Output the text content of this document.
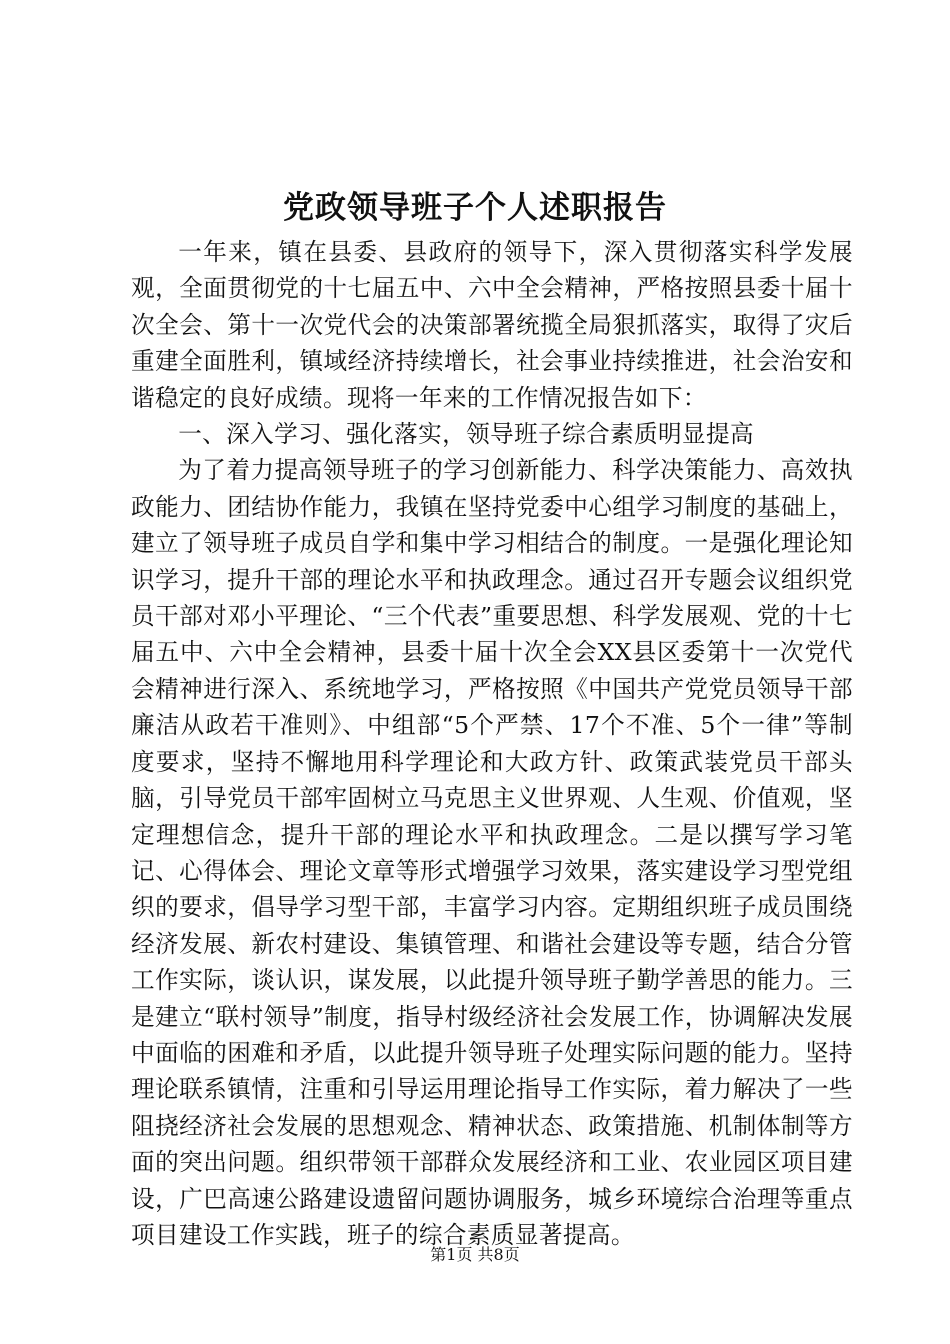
党政领导班子个人述职报告

一年来，镇在县委、县政府的领导下，深入贯彻落实科学发展观，全面贯彻党的十七届五中、六中全会精神，严格按照县委十届十次全会、第十一次党代会的决策部署统揽全局狠抓落实，取得了灾后重建全面胜利，镇域经济持续增长，社会事业持续推进，社会治安和谐稳定的良好成绩。现将一年来的工作情况报告如下：

一、深入学习、强化落实，领导班子综合素质明显提高

为了着力提高领导班子的学习创新能力、科学决策能力、高效执政能力、团结协作能力，我镇在坚持党委中心组学习制度的基础上，建立了领导班子成员自学和集中学习相结合的制度。一是强化理论知识学习，提升干部的理论水平和执政理念。通过召开专题会议组织党员干部对邓小平理论、“三个代表”重要思想、科学发展观、党的十七届五中、六中全会精神，县委十届十次全会XX县区委第十一次党代会精神进行深入、系统地学习，严格按照《中国共产党党员领导干部廉洁从政若干准则》、中组部“5个严禁、17个不准、5个一律”等制度要求，坚持不懈地用科学理论和大政方针、政策武装党员干部头脑，引导党员干部牢固树立马克思主义世界观、人生观、价值观，坚定理想信念，提升干部的理论水平和执政理念。二是以撰写学习笔记、心得体会、理论文章等形式增强学习效果，落实建设学习型党组织的要求，倡导学习型干部，丰富学习内容。定期组织班子成员围绕经济发展、新农村建设、集镇管理、和谐社会建设等专题，结合分管工作实际，谈认识，谋发展，以此提升领导班子勤学善思的能力。三是建立“联村领导”制度，指导村级经济社会发展工作，协调解决发展中面临的困难和矛盾，以此提升领导班子处理实际问题的能力。坚持理论联系镇情，注重和引导运用理论指导工作实际，着力解决了一些阻挠经济社会发展的思想观念、精神状态、政策措施、机制体制等方面的突出问题。组织带领干部群众发展经济和工业、农业园区项目建设，广巴高速公路建设遗留问题协调服务，城乡环境综合治理等重点项目建设工作实践，班子的综合素质显著提高。

第1页 共8页
